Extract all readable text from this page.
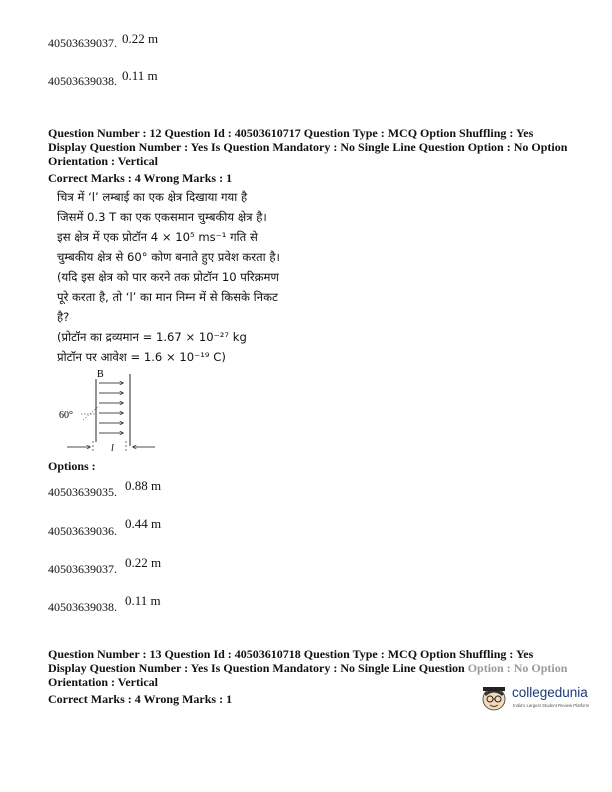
40503639037. 0.22 m
40503639038. 0.11 m
Question Number : 12 Question Id : 40503610717 Question Type : MCQ Option Shuffling : Yes
Display Question Number : Yes Is Question Mandatory : No Single Line Question Option : No Option
Orientation : Vertical
Correct Marks : 4 Wrong Marks : 1
चित्र में ‘l’ लम्बाई का एक क्षेत्र दिखाया गया है
जिसमें 0.3 T का एक एकसमान चुम्बकीय क्षेत्र है।
इस क्षेत्र में एक प्रोटॉन 4 × 10⁵ ms⁻¹ गति से
चुम्बकीय क्षेत्र से 60° कोण बनाते हुए प्रवेश करता है।
(यदि इस क्षेत्र को पार करने तक प्रोटॉन 10 परिक्रमण
पूरे करता है, तो ‘l’ का मान निम्न में से किसके निकट
है?
(प्रोटॉन का द्रव्यमान = 1.67 × 10⁻²⁷ kg
प्रोटॉन पर आवेश = 1.6 × 10⁻¹⁹ C)
B
60°
l
Options :
40503639035. 0.88 m
40503639036. 0.44 m
40503639037. 0.22 m
40503639038. 0.11 m
Question Number : 13 Question Id : 40503610718 Question Type : MCQ Option Shuffling : Yes
Display Question Number : Yes Is Question Mandatory : No Single Line Question Option : No Option
Orientation : Vertical
Correct Marks : 4 Wrong Marks : 1	collegedunia
India's Largest Student Review Platform
